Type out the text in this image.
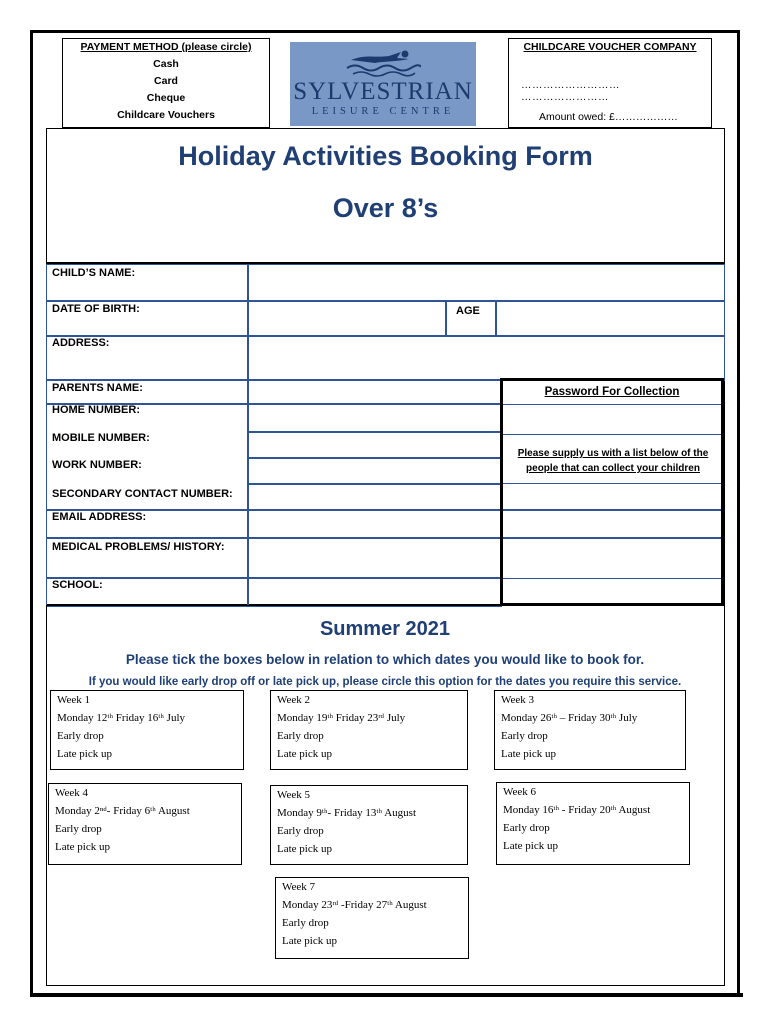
PAYMENT METHOD (please circle)
Cash
Card
Cheque
Childcare Vouchers
SYLVESTRIAN
LEISURE CENTRE
CHILDCARE VOUCHER COMPANY
……………………… ……………………
Amount owed: £………………
Holiday Activities Booking Form
Over 8’s
CHILD’S NAME:
DATE OF BIRTH:	AGE
ADDRESS:
PARENTS NAME:
HOME NUMBER:
MOBILE NUMBER:
WORK NUMBER:
SECONDARY CONTACT NUMBER:
EMAIL ADDRESS:
MEDICAL PROBLEMS/ HISTORY:
SCHOOL:
Password For Collection
Please supply us with a list below of the
people that can collect your children
Summer 2021
Please tick the boxes below in relation to which dates you would like to book for.
If you would like early drop off or late pick up, please circle this option for the dates you require this service.
Week 1
Monday 12ᵗʰ Friday 16ᵗʰ July
Early drop
Late pick up
Week 2
Monday 19ᵗʰ Friday 23ʳᵈ July
Early drop
Late pick up
Week 3
Monday 26ᵗʰ – Friday 30ᵗʰ July
Early drop
Late pick up
Week 4
Monday 2ⁿᵈ- Friday 6ᵗʰ August
Early drop
Late pick up
Week 5
Monday 9ᵗʰ- Friday 13ᵗʰ August
Early drop
Late pick up
Week 6
Monday 16ᵗʰ - Friday 20ᵗʰ August
Early drop
Late pick up
Week 7
Monday 23ʳᵈ -Friday 27ᵗʰ August
Early drop
Late pick up
